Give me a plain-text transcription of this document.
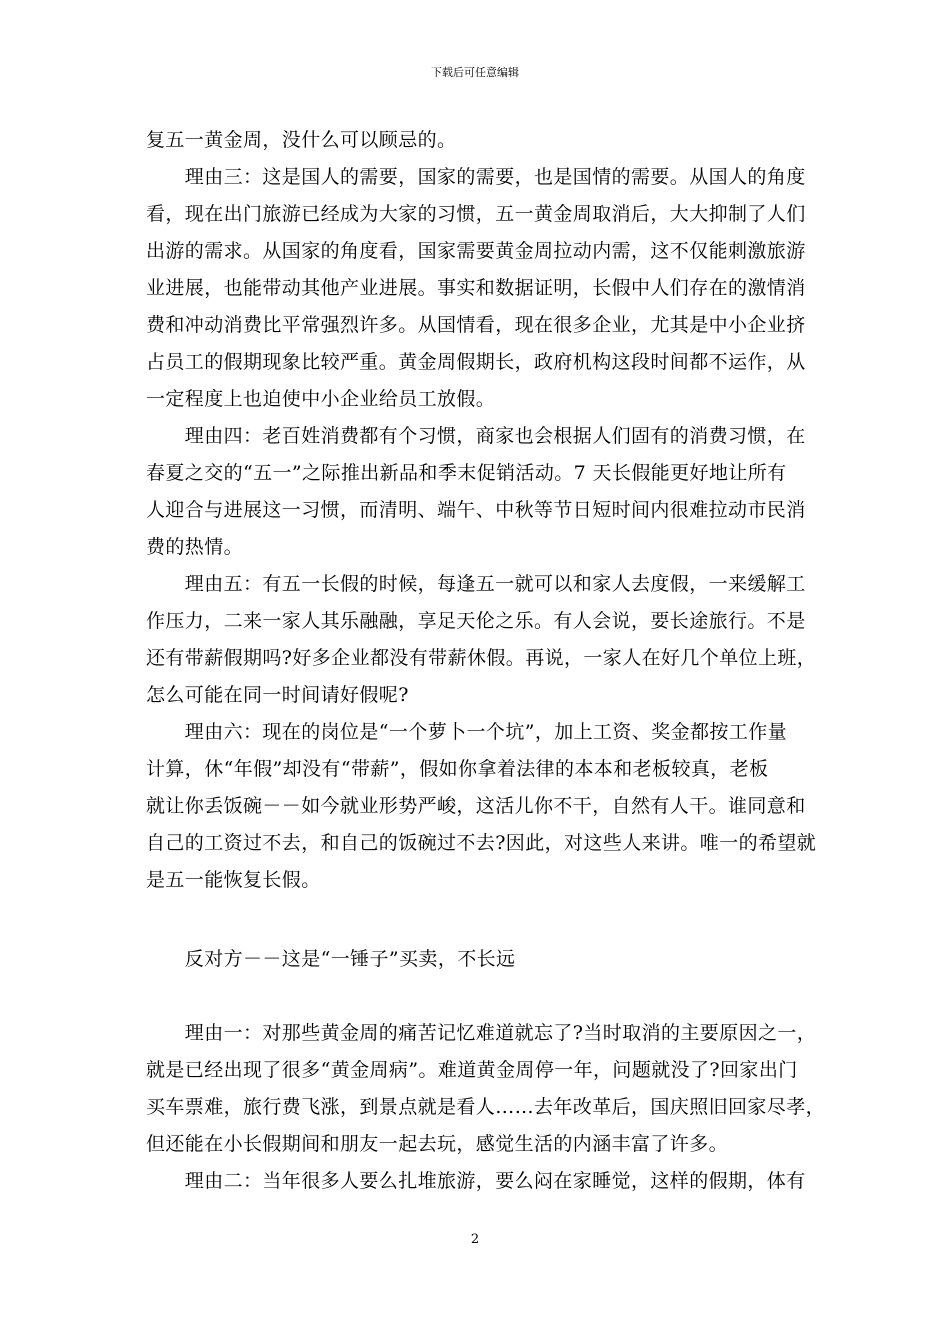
下载后可任意编辑
复五一黄金周，没什么可以顾忌的。
　　理由三：这是国人的需要，国家的需要，也是国情的需要。从国人的角度
看，现在出门旅游已经成为大家的习惯，五一黄金周取消后，大大抑制了人们
出游的需求。从国家的角度看，国家需要黄金周拉动内需，这不仅能刺激旅游
业进展，也能带动其他产业进展。事实和数据证明，长假中人们存在的激情消
费和冲动消费比平常强烈许多。从国情看，现在很多企业，尤其是中小企业挤
占员工的假期现象比较严重。黄金周假期长，政府机构这段时间都不运作，从
一定程度上也迫使中小企业给员工放假。
　　理由四：老百姓消费都有个习惯，商家也会根据人们固有的消费习惯，在
春夏之交的“五一”之际推出新品和季末促销活动。7 天长假能更好地让所有
人迎合与进展这一习惯，而清明、端午、中秋等节日短时间内很难拉动市民消
费的热情。
　　理由五：有五一长假的时候，每逢五一就可以和家人去度假，一来缓解工
作压力，二来一家人其乐融融，享足天伦之乐。有人会说，要长途旅行。不是
还有带薪假期吗?好多企业都没有带薪休假。再说，一家人在好几个单位上班，
怎么可能在同一时间请好假呢?
　　理由六：现在的岗位是“一个萝卜一个坑”，加上工资、奖金都按工作量
计算，休“年假”却没有“带薪”，假如你拿着法律的本本和老板较真，老板
就让你丢饭碗－－如今就业形势严峻，这活儿你不干，自然有人干。谁同意和
自己的工资过不去，和自己的饭碗过不去?因此，对这些人来讲。唯一的希望就
是五一能恢复长假。
　　反对方－－这是“一锤子”买卖，不长远
　　理由一：对那些黄金周的痛苦记忆难道就忘了?当时取消的主要原因之一，
就是已经出现了很多“黄金周病”。难道黄金周停一年，问题就没了?回家出门
买车票难，旅行费飞涨，到景点就是看人……去年改革后，国庆照旧回家尽孝，
但还能在小长假期间和朋友一起去玩，感觉生活的内涵丰富了许多。
　　理由二：当年很多人要么扎堆旅游，要么闷在家睡觉，这样的假期，体有
2
